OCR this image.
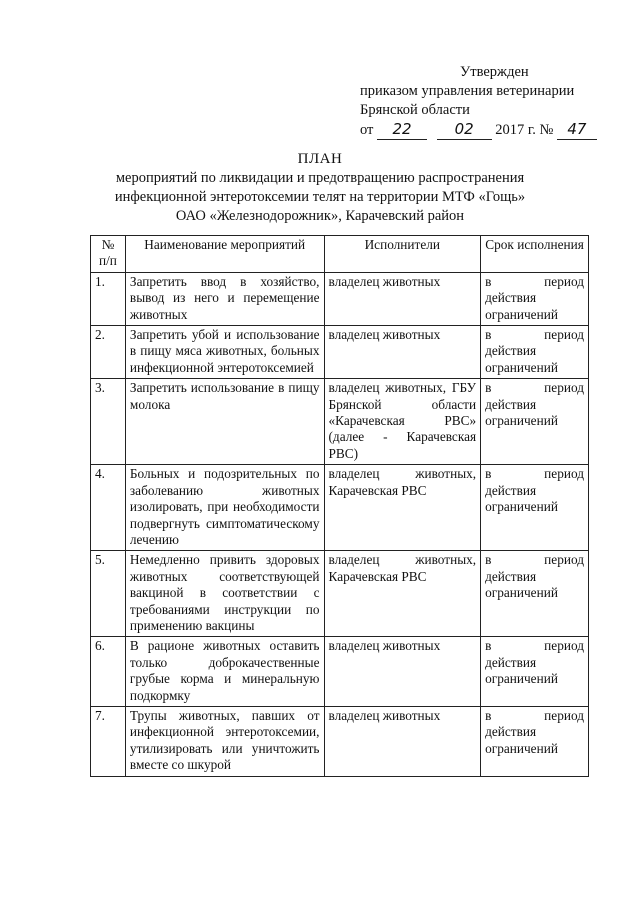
Утвержден
приказом управления ветеринарии
Брянской области
от 22	02 2017 г. № 47
ПЛАН
мероприятий по ликвидации и предотвращению распространения
инфекционной энтеротоксемии телят на территории МТФ «Гощь»
ОАО «Железнодорожник», Карачевский район
№ п/п	Наименование мероприятий	Исполнители	Срок исполнения
1.	Запретить ввод в хозяйство, вывод из него и перемещение животных	владелец животных	в период действия ограничений
2.	Запретить убой и использование в пищу мяса животных, больных инфекционной энтеротоксемией	владелец животных	в период действия ограничений
3.	Запретить использование в пищу молока	владелец животных, ГБУ Брянской области «Карачевская РВС» (далее - Карачевская РВС)	в период действия ограничений
4.	Больных и подозрительных по заболеванию животных изолировать, при необходимости подвергнуть симптоматическому лечению	владелец животных, Карачевская РВС	в период действия ограничений
5.	Немедленно привить здоровых животных соответствующей вакциной в соответствии с требованиями инструкции по применению вакцины	владелец животных, Карачевская РВС	в период действия ограничений
6.	В рационе животных оставить только доброкачественные грубые корма и минеральную подкормку	владелец животных	в период действия ограничений
7.	Трупы животных, павших от инфекционной энтеротоксемии, утилизировать или уничтожить вместе со шкурой	владелец животных	в период действия ограничений
